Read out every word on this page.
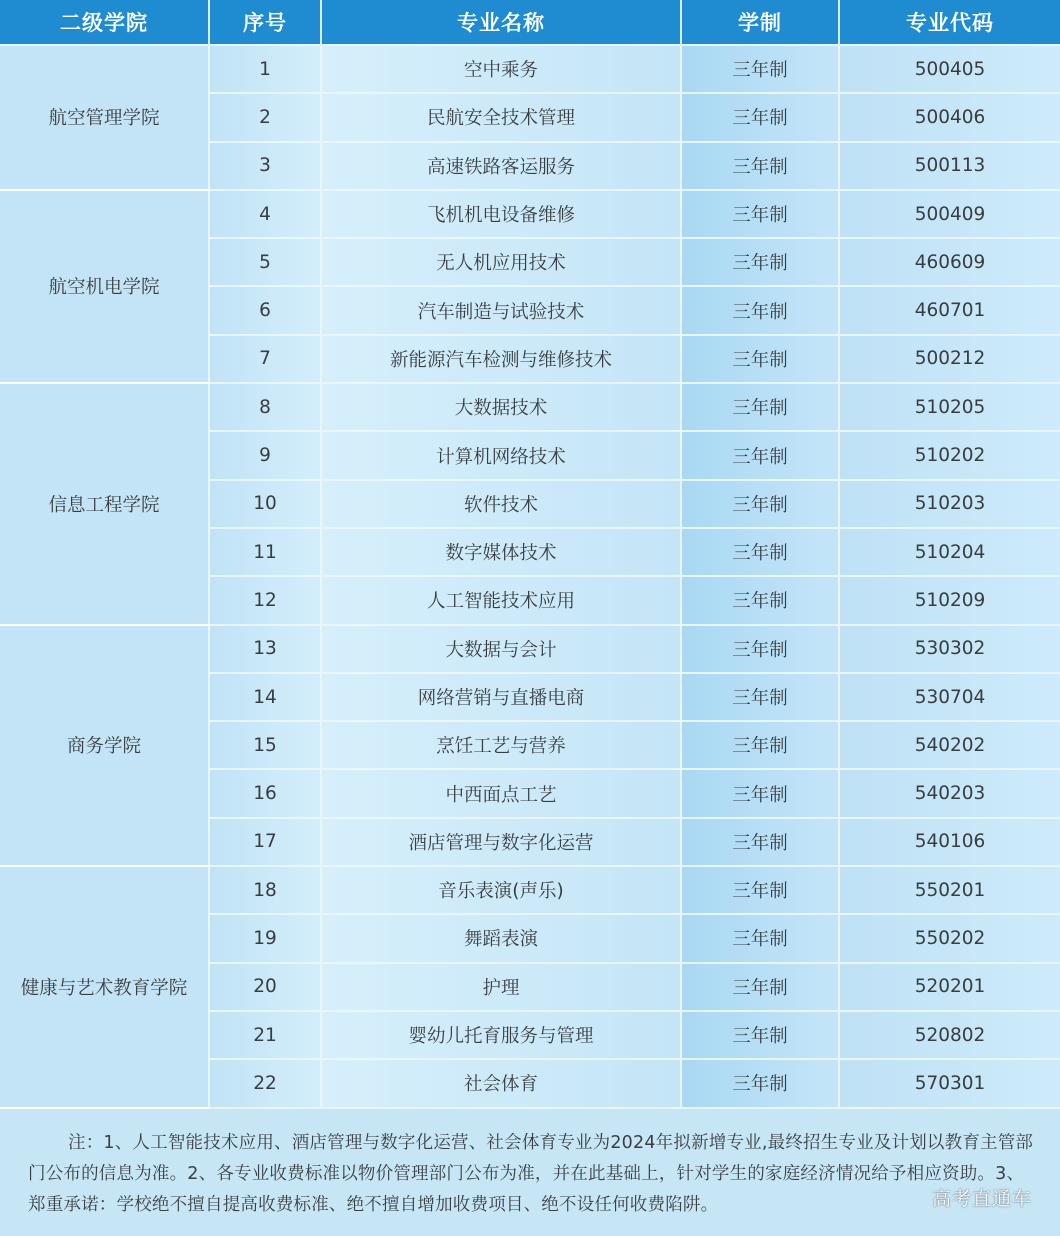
二级学院	序号	专业名称	学制	专业代码
航空管理学院	1	空中乘务	三年制	500405
	2	民航安全技术管理	三年制	500406
	3	高速铁路客运服务	三年制	500113
航空机电学院	4	飞机机电设备维修	三年制	500409
	5	无人机应用技术	三年制	460609
	6	汽车制造与试验技术	三年制	460701
	7	新能源汽车检测与维修技术	三年制	500212
信息工程学院	8	大数据技术	三年制	510205
	9	计算机网络技术	三年制	510202
	10	软件技术	三年制	510203
	11	数字媒体技术	三年制	510204
	12	人工智能技术应用	三年制	510209
商务学院	13	大数据与会计	三年制	530302
	14	网络营销与直播电商	三年制	530704
	15	烹饪工艺与营养	三年制	540202
	16	中西面点工艺	三年制	540203
	17	酒店管理与数字化运营	三年制	540106
健康与艺术教育学院	18	音乐表演(声乐)	三年制	550201
	19	舞蹈表演	三年制	550202
	20	护理	三年制	520201
	21	婴幼儿托育服务与管理	三年制	520802
	22	社会体育	三年制	570301
注：1、人工智能技术应用、酒店管理与数字化运营、社会体育专业为2024年拟新增专业,最终招生专业及计划以教育主管部门公布的信息为准。2、各专业收费标准以物价管理部门公布为准，并在此基础上，针对学生的家庭经济情况给予相应资助。3、郑重承诺：学校绝不擅自提高收费标准、绝不擅自增加收费项目、绝不设任何收费陷阱。	高考直通车
